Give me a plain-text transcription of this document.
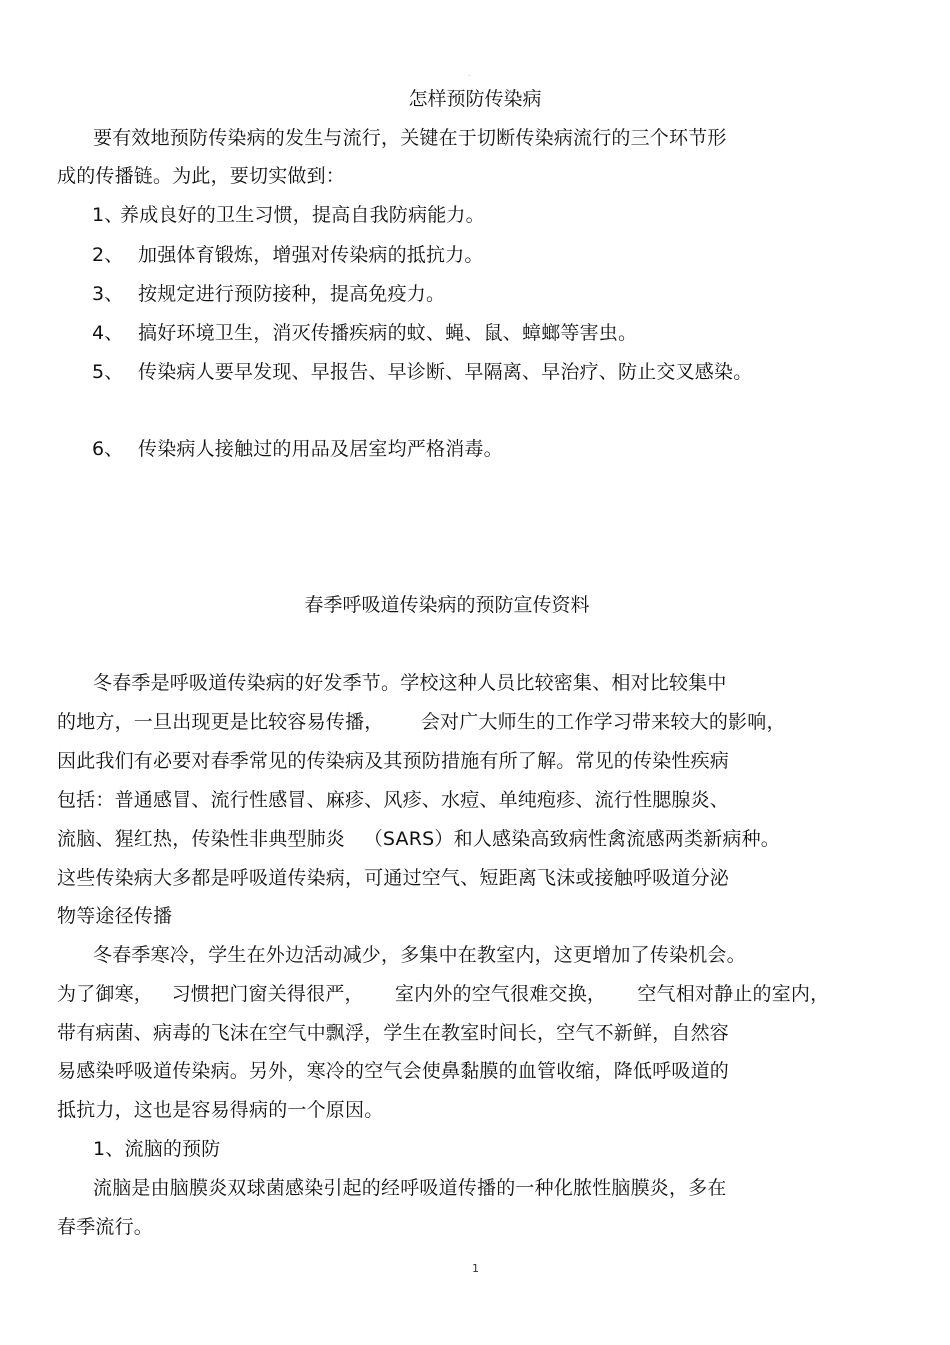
-
怎样预防传染病
要有效地预防传染病的发生与流行，关键在于切断传染病流行的三个环节形
成的传播链。为此，要切实做到：
1、
养成良好的卫生习惯，提高自我防病能力。
2、 加强体育锻炼，增强对传染病的抵抗力。
3、 按规定进行预防接种，提高免疫力。
4、 搞好环境卫生，消灭传播疾病的蚊、蝇、鼠、蟑螂等害虫。
5、 传染病人要早发现、早报告、早诊断、早隔离、早治疗、防止交叉感染。
6、 传染病人接触过的用品及居室均严格消毒。
春季呼吸道传染病的预防宣传资料
冬春季是呼吸道传染病的好发季节。学校这种人员比较密集、相对比较集中
的地方，一旦出现更是比较容易传播，      会对广大师生的工作学习带来较大的影响，
因此我们有必要对春季常见的传染病及其预防措施有所了解。常见的传染性疾病
包括：普通感冒、流行性感冒、麻疹、风疹、水痘、单纯疱疹、流行性腮腺炎、
流脑、猩红热，传染性非典型肺炎   （SARS）和人感染高致病性禽流感两类新病种。
这些传染病大多都是呼吸道传染病，可通过空气、短距离飞沫或接触呼吸道分泌
物等途径传播
冬春季寒冷，学生在外边活动减少，多集中在教室内，这更增加了传染机会。
为了御寒，   习惯把门窗关得很严，     室内外的空气很难交换，     空气相对静止的室内，
带有病菌、病毒的飞沫在空气中飘浮，学生在教室时间长，空气不新鲜，自然容
易感染呼吸道传染病。另外，寒冷的空气会使鼻黏膜的血管收缩，降低呼吸道的
抵抗力，这也是容易得病的一个原因。
1、流脑的预防
流脑是由脑膜炎双球菌感染引起的经呼吸道传播的一种化脓性脑膜炎，多在
春季流行。
1
